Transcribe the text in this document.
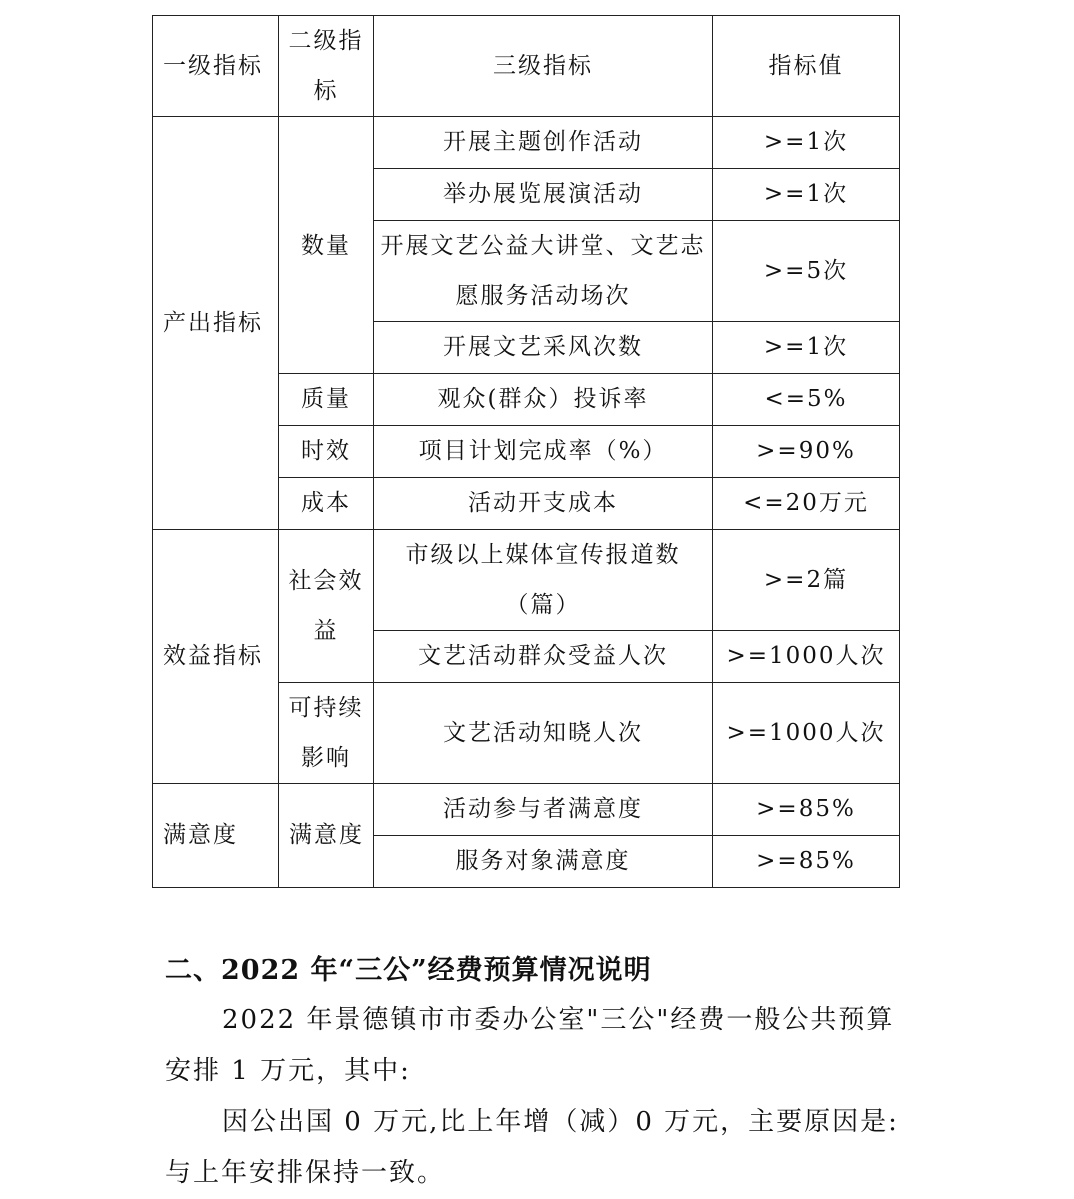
一级指标	二级指标	三级指标	指标值
产出指标	数量	开展主题创作活动	>=1次
		举办展览展演活动	>=1次
		开展文艺公益大讲堂、文艺志愿服务活动场次	>=5次
		开展文艺采风次数	>=1次
	质量	观众(群众）投诉率	<=5%
	时效	项目计划完成率（%）	>=90%
	成本	活动开支成本	<=20万元
效益指标	社会效益	市级以上媒体宣传报道数（篇）	>=2篇
		文艺活动群众受益人次	>=1000人次
	可持续影响	文艺活动知晓人次	>=1000人次
满意度	满意度	活动参与者满意度	>=85%
		服务对象满意度	>=85%
二、2022 年“三公”经费预算情况说明
2022 年景德镇市市委办公室"三公"经费一般公共预算安排 1 万元，其中:
因公出国 0 万元,比上年增（减）0 万元，主要原因是:与上年安排保持一致。
